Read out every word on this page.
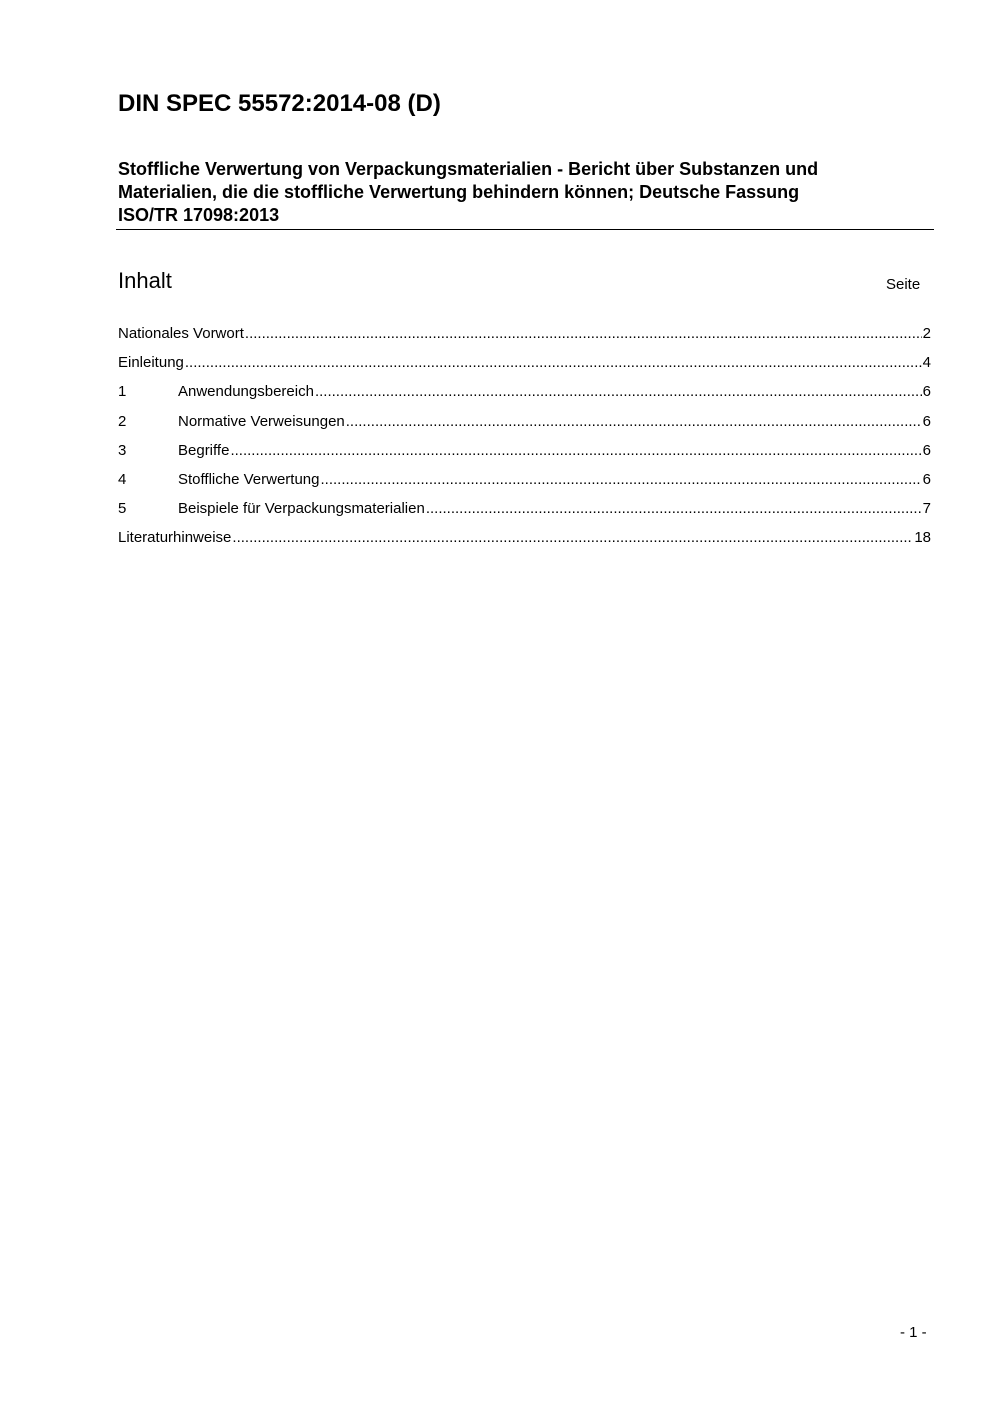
DIN SPEC 55572:2014-08 (D)
Stoffliche Verwertung von Verpackungsmaterialien - Bericht über Substanzen und
Materialien, die die stoffliche Verwertung behindern können; Deutsche Fassung
ISO/TR 17098:2013
Inhalt	Seite
Nationales Vorwort .....	2
Einleitung .....	4
1	Anwendungsbereich .....	6
2	Normative Verweisungen .....	6
3	Begriffe .....	6
4	Stoffliche Verwertung .....	6
5	Beispiele für Verpackungsmaterialien .....	7
Literaturhinweise .....	18
- 1 -
